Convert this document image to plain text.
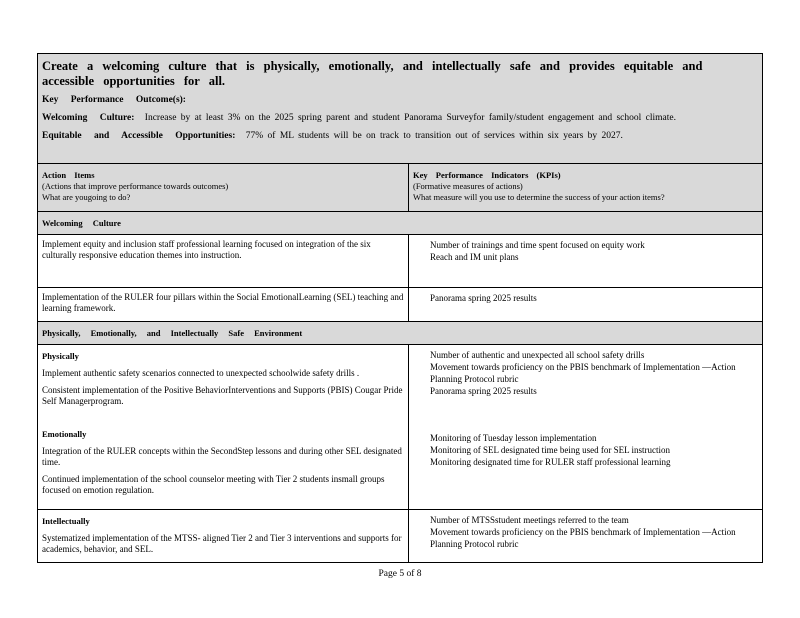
Create a welcoming culture that is physically, emotionally, and intellectually safe and provides equitable and accessible opportunities for all.
Key Performance Outcome(s):
Welcoming Culture: Increase by at least 3% on the 2025 spring parent and student Panorama Surveyfor family/student engagement and school climate.
Equitable and Accessible Opportunities: 77% of ML students will be on track to transition out of services within six years by 2027.
Action Items
(Actions that improve performance towards outcomes)
What are yougoing to do?
Key Performance Indicators (KPIs)
(Formative measures of actions)
What measure will you use to determine the success of your action items?
Welcoming Culture
Implement equity and inclusion staff professional learning focused on integration of the six culturally responsive education themes into instruction.
Number of trainings and time spent focused on equity work
Reach and IM unit plans
Implementation of the RULER four pillars within the Social EmotionalLearning (SEL) teaching and learning framework.
Panorama spring 2025 results
Physically, Emotionally, and Intellectually Safe Environment
Physically
Implement authentic safety scenarios connected to unexpected schoolwide safety drills .
Consistent implementation of the Positive BehaviorInterventions and Supports (PBIS) Cougar Pride Self Managerprogram.
Emotionally
Integration of the RULER concepts within the SecondStep lessons and during other SEL designated time.
Continued implementation of the school counselor meeting with Tier 2 students insmall groups focused on emotion regulation.
Number of authentic and unexpected all school safety drills
Movement towards proficiency on the PBIS benchmark of Implementation —Action Planning Protocol rubric
Panorama spring 2025 results
Monitoring of Tuesday lesson implementation
Monitoring of SEL designated time being used for SEL instruction
Monitoring designated time for RULER staff professional learning
Intellectually
Systematized implementation of the MTSS- aligned Tier 2 and Tier 3 interventions and supports for academics, behavior, and SEL.
Number of MTSSstudent meetings referred to the team
Movement towards proficiency on the PBIS benchmark of Implementation —Action Planning Protocol rubric
Page 5 of 8
